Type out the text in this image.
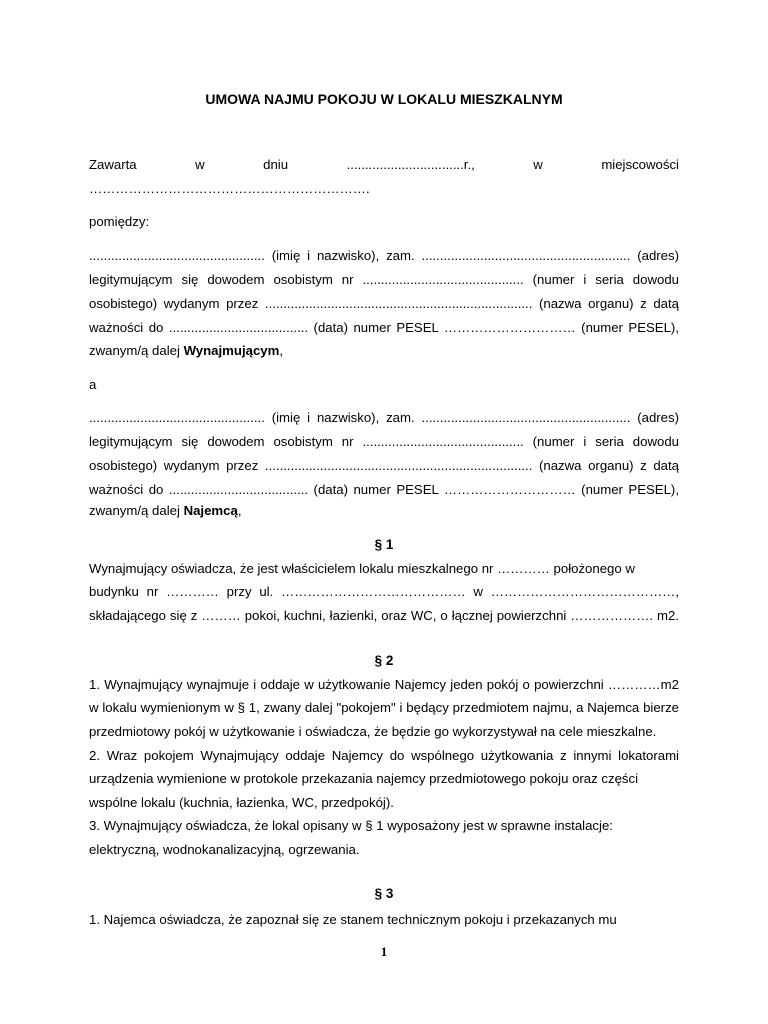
UMOWA NAJMU POKOJU W LOKALU MIESZKALNYM
Zawarta	w	dniu	................................r.,	w	miejscowości
……………………………………………………….
pomiędzy:
................................................ (imię i nazwisko), zam. ......................................................... (adres)
legitymującym się dowodem osobistym nr ............................................ (numer i seria dowodu
osobistego) wydanym przez ......................................................................... (nazwa organu) z datą
ważności do ...................................... (data) numer PESEL ………………………… (numer PESEL),
zwanym/ą dalej Wynajmującym,
a
................................................ (imię i nazwisko), zam. ......................................................... (adres)
legitymującym się dowodem osobistym nr ............................................ (numer i seria dowodu
osobistego) wydanym przez ......................................................................... (nazwa organu) z datą
ważności do ...................................... (data) numer PESEL ………………………… (numer PESEL),
zwanym/ą dalej Najemcą,
§ 1
Wynajmujący oświadcza, że jest właścicielem lokalu mieszkalnego nr ………… położonego w
budynku nr ………… przy ul. …………………………………… w ……………………………………,
składającego się z ……… pokoi, kuchni, łazienki, oraz WC, o łącznej powierzchni ………………. m2.
§ 2
1. Wynajmujący wynajmuje i oddaje w użytkowanie Najemcy jeden pokój o powierzchni …………m2
w lokalu wymienionym w § 1, zwany dalej "pokojem" i będący przedmiotem najmu, a Najemca bierze
przedmiotowy pokój w użytkowanie i oświadcza, że będzie go wykorzystywał na cele mieszkalne.
2. Wraz pokojem Wynajmujący oddaje Najemcy do wspólnego użytkowania z innymi lokatorami
urządzenia wymienione w protokole przekazania najemcy przedmiotowego pokoju oraz części
wspólne lokalu (kuchnia, łazienka, WC, przedpokój).
3. Wynajmujący oświadcza, że lokal opisany w § 1 wyposażony jest w sprawne instalacje:
elektryczną, wodnokanalizacyjną, ogrzewania.
§ 3
1. Najemca oświadcza, że zapoznał się ze stanem technicznym pokoju i przekazanych mu
1
